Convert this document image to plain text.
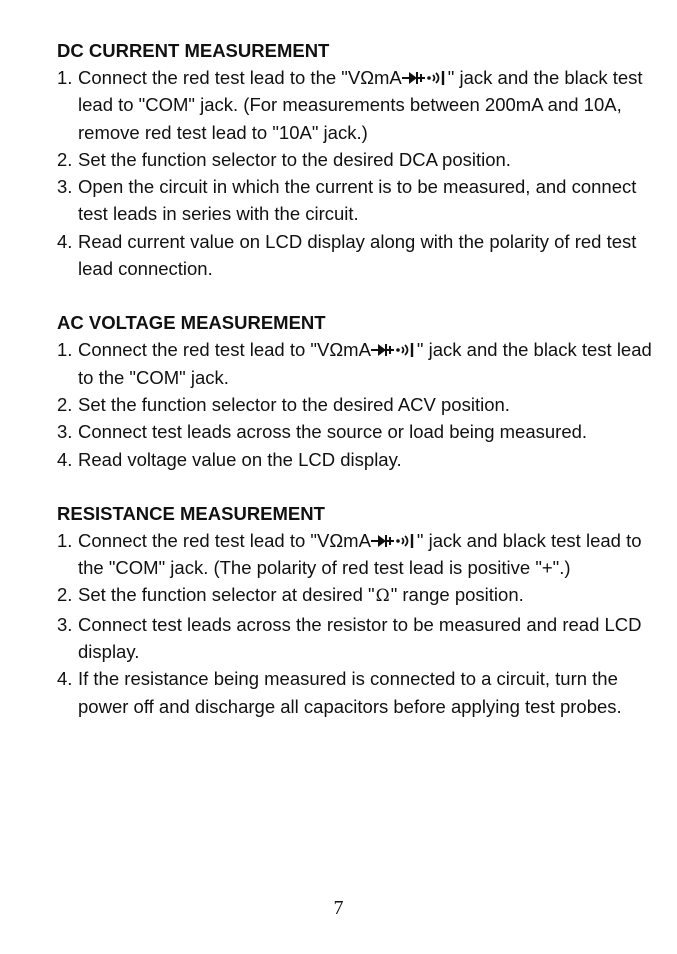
DC CURRENT MEASUREMENT
1. Connect the red test lead to the "VΩmA " jack and the black test lead to "COM" jack. (For measurements between 200mA and 10A, remove red test lead to "10A" jack.)
2. Set the function selector to the desired DCA position.
3. Open the circuit in which the current is to be measured, and connect test leads in series with the circuit.
4. Read current value on LCD display along with the polarity of red test lead connection.
AC VOLTAGE MEASUREMENT
1. Connect the red test lead to "VΩmA " jack and the black test lead to the "COM" jack.
2. Set the function selector to the desired ACV position.
3. Connect test leads across the source or load being measured.
4. Read voltage value on the LCD display.
RESISTANCE MEASUREMENT
1. Connect the red test lead to "VΩmA " jack and black test lead to the "COM" jack. (The polarity of red test lead is positive "+".)
2. Set the function selector at desired "Ω" range position.
3. Connect test leads across the resistor to be measured and read LCD display.
4. If the resistance being measured is connected to a circuit, turn the power off and discharge all capacitors before applying test probes.
7
